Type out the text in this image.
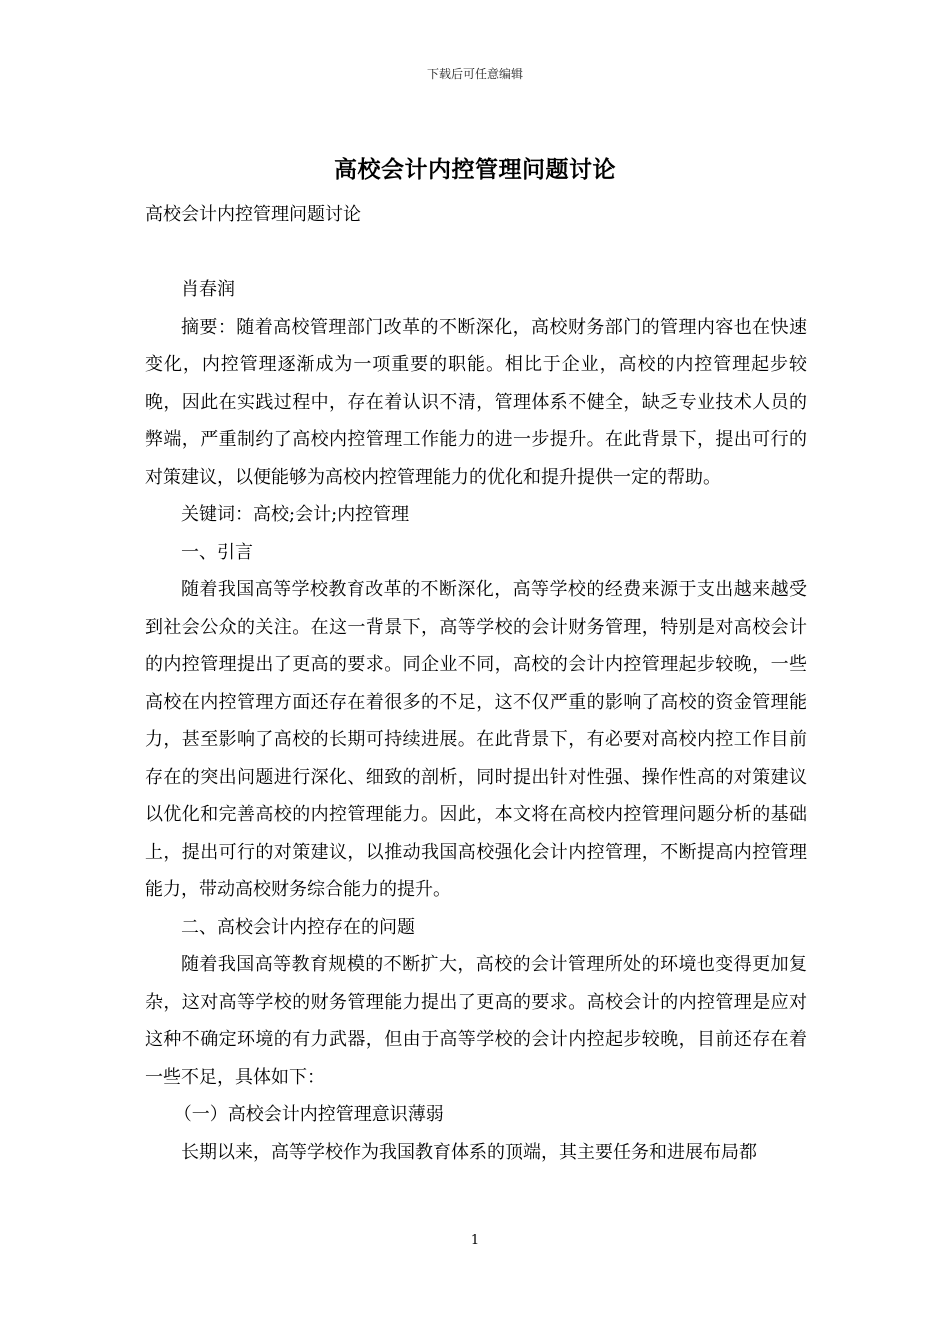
下载后可任意编辑
高校会计内控管理问题讨论

高校会计内控管理问题讨论

肖春润

摘要：随着高校管理部门改革的不断深化，高校财务部门的管理内容也在快速变化，内控管理逐渐成为一项重要的职能。相比于企业，高校的内控管理起步较晚，因此在实践过程中，存在着认识不清，管理体系不健全，缺乏专业技术人员的弊端，严重制约了高校内控管理工作能力的进一步提升。在此背景下，提出可行的对策建议，以便能够为高校内控管理能力的优化和提升提供一定的帮助。

关键词：高校;会计;内控管理

一、引言

随着我国高等学校教育改革的不断深化，高等学校的经费来源于支出越来越受到社会公众的关注。在这一背景下，高等学校的会计财务管理，特别是对高校会计的内控管理提出了更高的要求。同企业不同，高校的会计内控管理起步较晚，一些高校在内控管理方面还存在着很多的不足，这不仅严重的影响了高校的资金管理能力，甚至影响了高校的长期可持续进展。在此背景下，有必要对高校内控工作目前存在的突出问题进行深化、细致的剖析，同时提出针对性强、操作性高的对策建议以优化和完善高校的内控管理能力。因此，本文将在高校内控管理问题分析的基础上，提出可行的对策建议，以推动我国高校强化会计内控管理，不断提高内控管理能力，带动高校财务综合能力的提升。

二、高校会计内控存在的问题

随着我国高等教育规模的不断扩大，高校的会计管理所处的环境也变得更加复杂，这对高等学校的财务管理能力提出了更高的要求。高校会计的内控管理是应对这种不确定环境的有力武器，但由于高等学校的会计内控起步较晚，目前还存在着一些不足，具体如下：

（一）高校会计内控管理意识薄弱

长期以来，高等学校作为我国教育体系的顶端，其主要任务和进展布局都

1
